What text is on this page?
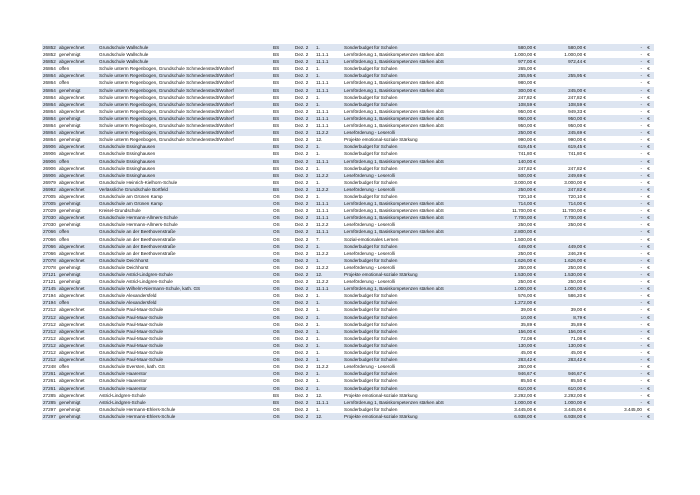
26852	abgerechnet	Grundschule Wallschule	BS	Dez. 2	1.	Sonderbudget für Schulen	580,00 €	580,00 €	-	€
26852	genehmigt	Grundschule Wallschule	BS	Dez. 2	11.1.1	Lernförderung 1, Basiskompetenzen stärken abS	1.000,00 €	1.000,00 €	-	€
26852	abgerechnet	Grundschule Wallschule	BS	Dez. 2	11.1.1	Lernförderung 1, Basiskompetenzen stärken abS	977,00 €	972,44 €	-	€
26864	offen	Schule unterm Regenbogen, Grundschule Schmedenstedt/Wolterf	BS	Dez. 2	1.	Sonderbudget für Schulen	265,00 €		-	€
26864	abgerechnet	Schule unterm Regenbogen, Grundschule Schmedenstedt/Wolterf	BS	Dez. 2	1.	Sonderbudget für Schulen	255,95 €	255,95 €	-	€
26864	offen	Schule unterm Regenbogen, Grundschule Schmedenstedt/Wolterf	BS	Dez. 2	11.1.1	Lernförderung 1, Basiskompetenzen stärken abS	980,00 €		-	€
26864	genehmigt	Schule unterm Regenbogen, Grundschule Schmedenstedt/Wolterf	BS	Dez. 2	11.1.1	Lernförderung 1, Basiskompetenzen stärken abS	300,00 €	245,00 €	-	€
26864	abgerechnet	Schule unterm Regenbogen, Grundschule Schmedenstedt/Wolterf	BS	Dez. 2	1.	Sonderbudget für Schulen	247,82 €	247,82 €	-	€
26864	abgerechnet	Schule unterm Regenbogen, Grundschule Schmedenstedt/Wolterf	BS	Dez. 2	1.	Sonderbudget für Schulen	108,59 €	108,59 €	-	€
26864	abgerechnet	Schule unterm Regenbogen, Grundschule Schmedenstedt/Wolterf	BS	Dez. 2	11.1.1	Lernförderung 1, Basiskompetenzen stärken abS	950,00 €	949,33 €	-	€
26864	genehmigt	Schule unterm Regenbogen, Grundschule Schmedenstedt/Wolterf	BS	Dez. 2	11.1.1	Lernförderung 1, Basiskompetenzen stärken abS	950,00 €	950,00 €	-	€
26864	genehmigt	Schule unterm Regenbogen, Grundschule Schmedenstedt/Wolterf	BS	Dez. 2	11.1.1	Lernförderung 1, Basiskompetenzen stärken abS	950,00 €	950,00 €	-	€
26864	abgerechnet	Schule unterm Regenbogen, Grundschule Schmedenstedt/Wolterf	BS	Dez. 2	11.2.2	Leseförderung - Leserolli	250,00 €	245,69 €	-	€
26864	genehmigt	Schule unterm Regenbogen, Grundschule Schmedenstedt/Wolterf	BS	Dez. 2	12.	Projekte emotional-soziale Stärkung	990,00 €	990,00 €	-	€
26906	abgerechnet	Grundschule Essinghausen	BS	Dez. 2	1.	Sonderbudget für Schulen	619,45 €	619,45 €	-	€
26906	abgerechnet	Grundschule Essinghausen	BS	Dez. 2	1.	Sonderbudget für Schulen	741,80 €	741,80 €	-	€
26906	offen	Grundschule Essinghausen	BS	Dez. 2	11.1.1	Lernförderung 1, Basiskompetenzen stärken abS	140,00 €		-	€
26906	abgerechnet	Grundschule Essinghausen	BS	Dez. 2	1.	Sonderbudget für Schulen	247,82 €	247,82 €	-	€
26906	abgerechnet	Grundschule Essinghausen	BS	Dez. 2	11.2.2	Leseförderung - Leserolli	500,00 €	249,69 €	-	€
26979	abgerechnet	Grundschule Heinrich-Kielhorn-Schule	BS	Dez. 2	1.	Sonderbudget für Schulen	3.000,00 €	3.000,00 €	-	€
26992	abgerechnet	Verlässliche Grundschule Bortfeld	BS	Dez. 2	11.2.2	Leseförderung - Leserolli	250,00 €	247,82 €	-	€
27005	abgerechnet	Grundschule am Grünen Kamp	OS	Dez. 2	1.	Sonderbudget für Schulen	720,10 €	720,10 €	-	€
27005	genehmigt	Grundschule am Grünen Kamp	OS	Dez. 2	11.1.1	Lernförderung 1, Basiskompetenzen stärken abS	714,00 €	714,00 €	-	€
27029	genehmigt	Kreisel-Grundschule	OS	Dez. 2	11.1.1	Lernförderung 1, Basiskompetenzen stärken abS	11.700,00 €	11.700,00 €	-	€
27030	abgerechnet	Grundschule Hermann-Allmers-Schule	OS	Dez. 2	11.1.1	Lernförderung 1, Basiskompetenzen stärken abS	7.700,00 €	7.700,00 €	-	€
27030	genehmigt	Grundschule Hermann-Allmers-Schule	OS	Dez. 2	11.2.2	Leseförderung - Leserolli	250,00 €	250,00 €	-	€
27066	offen	Grundschule an der Beethovenstraße	OS	Dez. 2	11.1.1	Lernförderung 1, Basiskompetenzen stärken abS	2.800,00 €		-	€
27066	offen	Grundschule an der Beethovenstraße	OS	Dez. 2	7.	Sozial-emotionales Lernen	1.500,00 €		-	€
27066	abgerechnet	Grundschule an der Beethovenstraße	OS	Dez. 2	1.	Sonderbudget für Schulen	449,00 €	449,00 €	-	€
27066	abgerechnet	Grundschule an der Beethovenstraße	OS	Dez. 2	11.2.2	Leseförderung - Leserolli	250,00 €	246,29 €	-	€
27078	abgerechnet	Grundschule Deichhorst	OS	Dez. 2	1.	Sonderbudget für Schulen	1.626,00 €	1.626,00 €	-	€
27078	genehmigt	Grundschule Deichhorst	OS	Dez. 2	11.2.2	Leseförderung - Leserolli	250,00 €	250,00 €	-	€
27121	genehmigt	Grundschule Astrid-Lindgren-Schule	OS	Dez. 2	12.	Projekte emotional-soziale Stärkung	1.530,00 €	1.530,00 €	-	€
27121	genehmigt	Grundschule Astrid-Lindgren-Schule	OS	Dez. 2	11.2.2	Leseförderung - Leserolli	250,00 €	250,00 €	-	€
27145	abgerechnet	Grundschule Wilhelm-Niermann-Schule, kath. GS	OS	Dez. 2	11.1.1	Lernförderung 1, Basiskompetenzen stärken abS	1.000,00 €	1.000,00 €	-	€
27194	abgerechnet	Grundschule Alexandersfeld	OS	Dez. 2	1.	Sonderbudget für Schulen	576,00 €	586,20 €	-	€
27194	offen	Grundschule Alexandersfeld	OS	Dez. 2	1.	Sonderbudget für Schulen	1.272,00 €		-	€
27212	abgerechnet	Grundschule Paul-Maar-Schule	OS	Dez. 2	1.	Sonderbudget für Schulen	39,00 €	39,00 €	-	€
27212	abgerechnet	Grundschule Paul-Maar-Schule	OS	Dez. 2	1.	Sonderbudget für Schulen	10,00 €	8,79 €	-	€
27212	abgerechnet	Grundschule Paul-Maar-Schule	OS	Dez. 2	1.	Sonderbudget für Schulen	35,89 €	35,89 €	-	€
27212	abgerechnet	Grundschule Paul-Maar-Schule	OS	Dez. 2	1.	Sonderbudget für Schulen	156,00 €	156,00 €	-	€
27212	abgerechnet	Grundschule Paul-Maar-Schule	OS	Dez. 2	1.	Sonderbudget für Schulen	72,08 €	71,08 €	-	€
27212	abgerechnet	Grundschule Paul-Maar-Schule	OS	Dez. 2	1.	Sonderbudget für Schulen	130,00 €	130,00 €	-	€
27212	abgerechnet	Grundschule Paul-Maar-Schule	OS	Dez. 2	1.	Sonderbudget für Schulen	45,00 €	45,00 €	-	€
27212	abgerechnet	Grundschule Paul-Maar-Schule	OS	Dez. 2	1.	Sonderbudget für Schulen	283,42 €	283,42 €	-	€
27248	offen	Grundschule Eversten, kath. GS	OS	Dez. 2	11.2.2	Leseförderung - Leserolli	250,00 €		-	€
27261	abgerechnet	Grundschule Haarentor	OS	Dez. 2	1.	Sonderbudget für Schulen	946,67 €	946,67 €	-	€
27261	abgerechnet	Grundschule Haarentor	OS	Dez. 2	1.	Sonderbudget für Schulen	85,50 €	85,50 €	-	€
27261	abgerechnet	Grundschule Haarentor	OS	Dez. 2	1.	Sonderbudget für Schulen	610,00 €	610,00 €	-	€
27285	abgerechnet	Astrid-Lindgren-Schule	BS	Dez. 2	12.	Projekte emotional-soziale Stärkung	2.292,00 €	2.292,00 €	-	€
27285	genehmigt	Astrid-Lindgren-Schule	BS	Dez. 2	11.1.1	Lernförderung 1, Basiskompetenzen stärken abS	1.000,00 €	1.000,00 €	-	€
27297	genehmigt	Grundschule Hermann-Ehlers-Schule	OS	Dez. 2	1.	Sonderbudget für Schulen	3.445,00 €	3.445,00 €	3.445,00	€
27297	genehmigt	Grundschule Hermann-Ehlers-Schule	OS	Dez. 2	12.	Projekte emotional-soziale Stärkung	6.938,00 €	6.938,00 €	-	€
